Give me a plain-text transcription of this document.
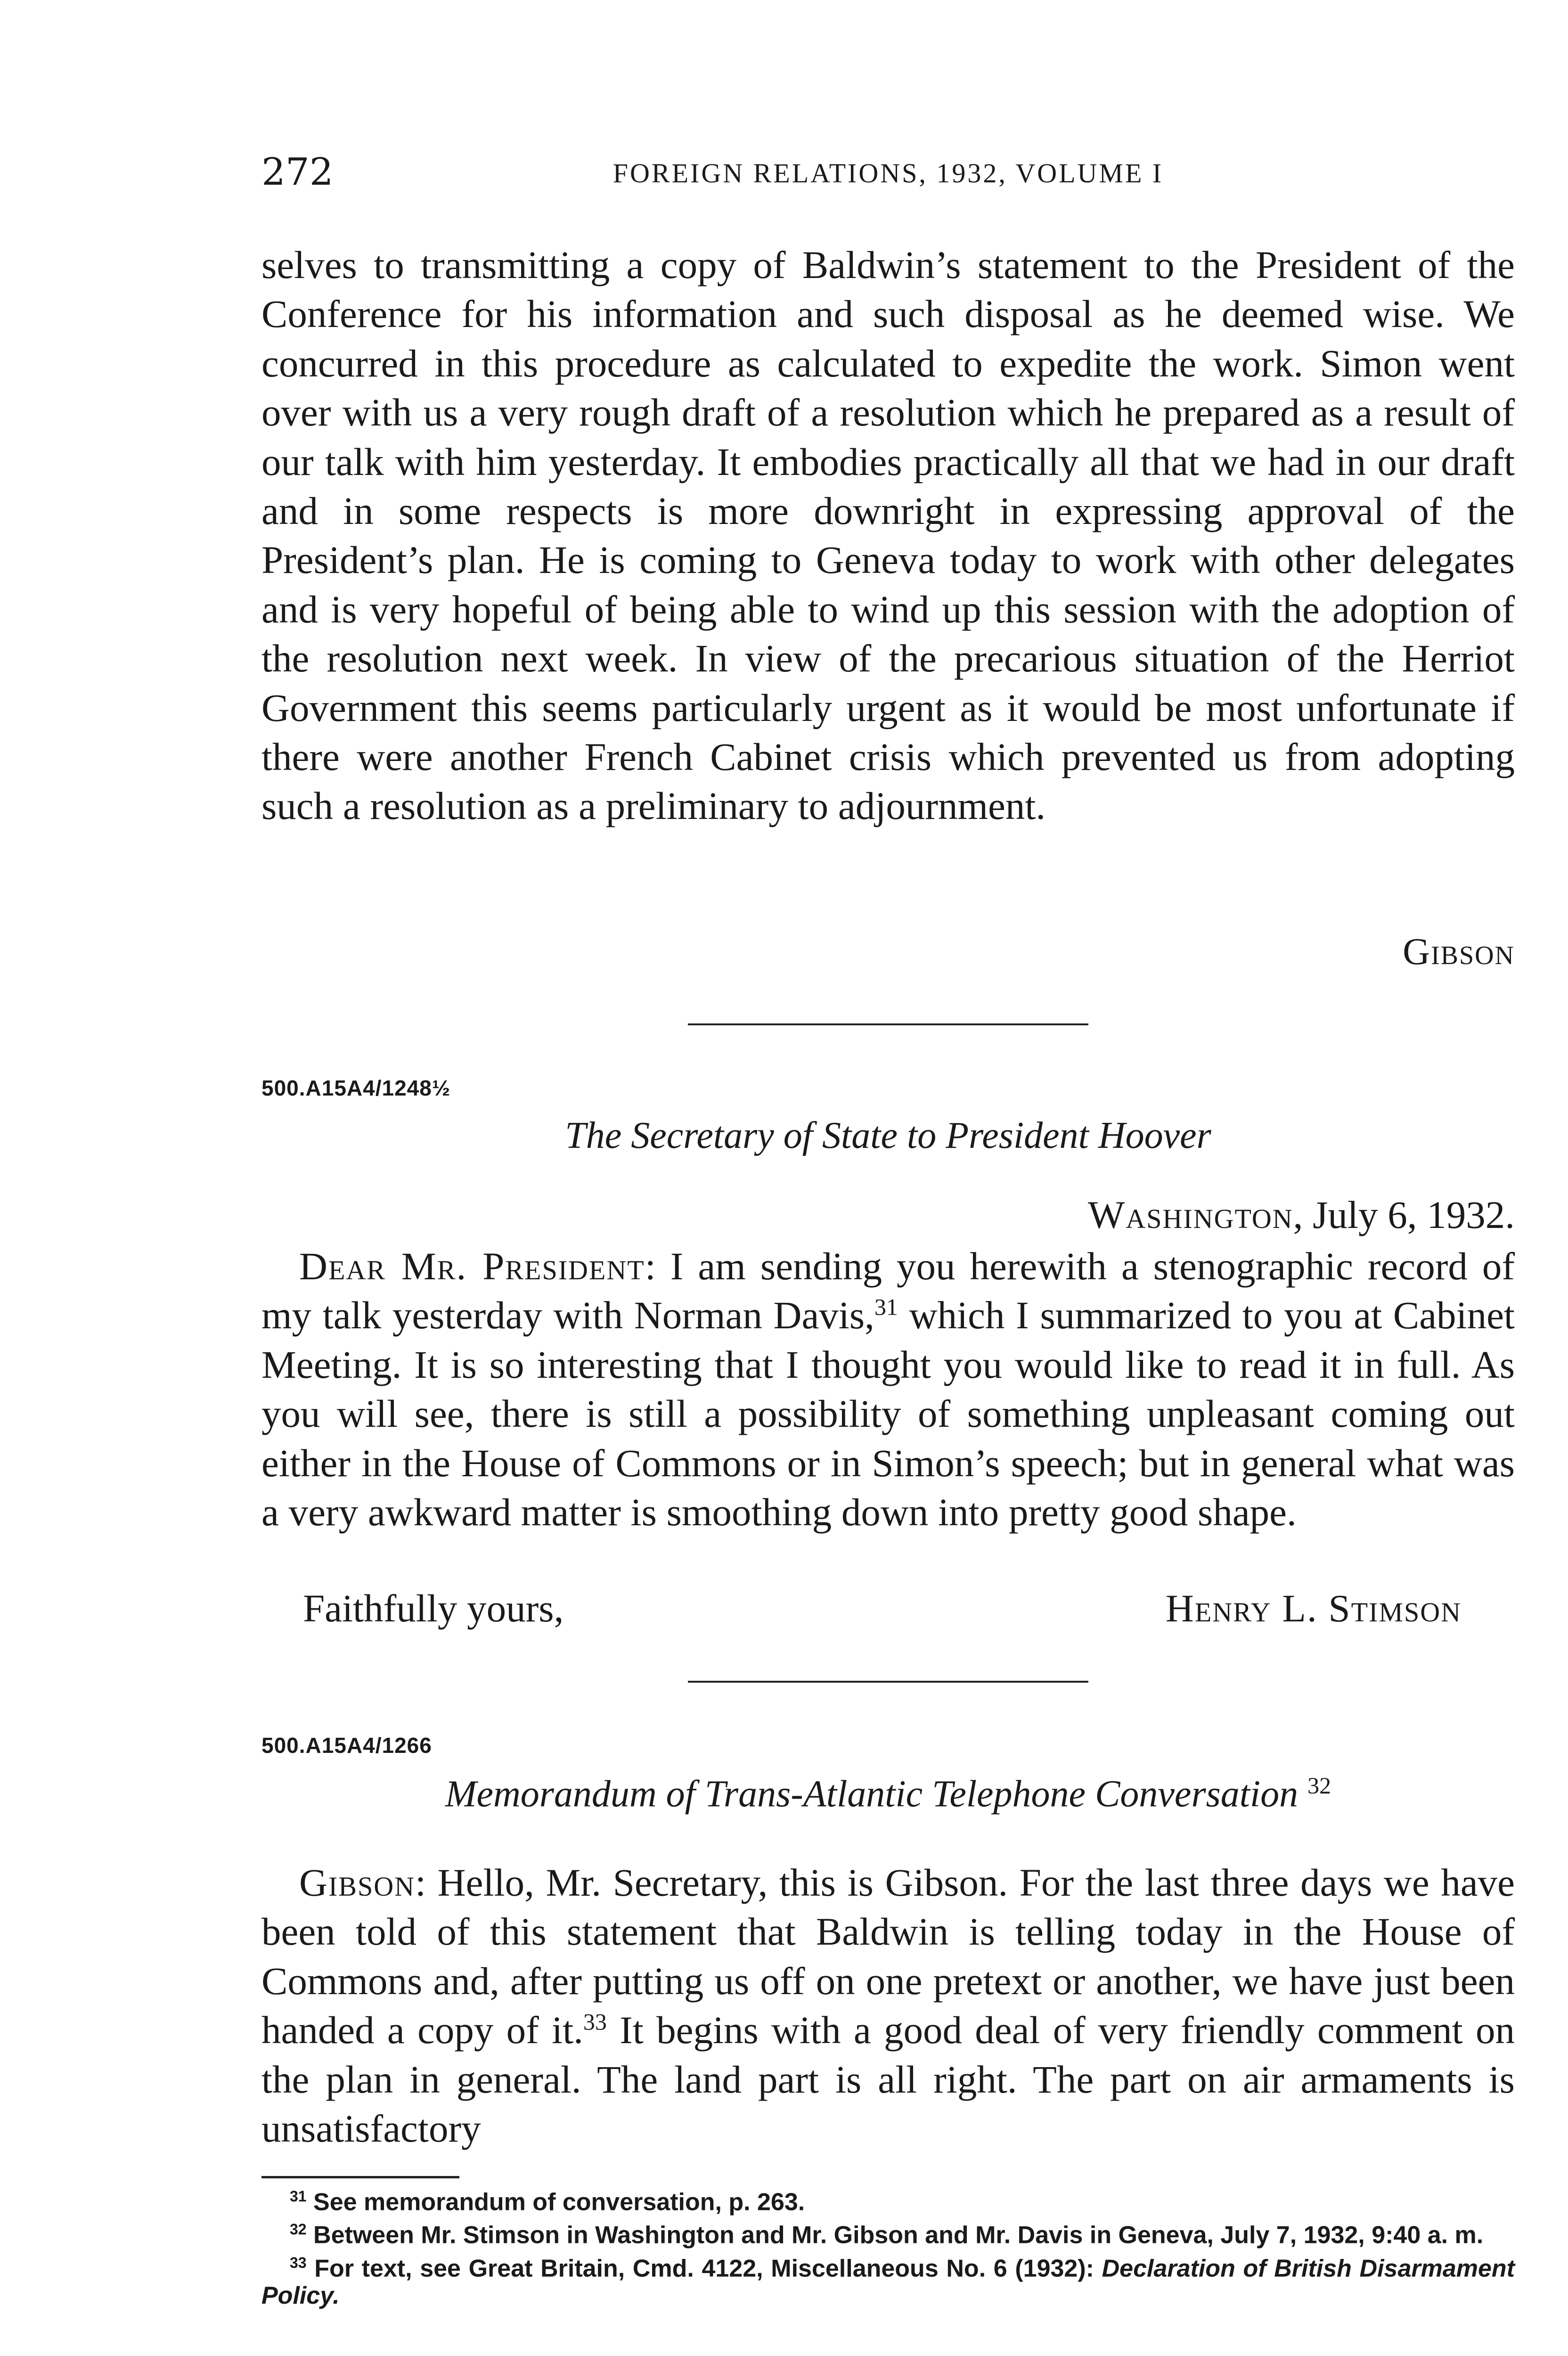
272	FOREIGN RELATIONS, 1932, VOLUME I

selves to transmitting a copy of Baldwin’s statement to the President of the Conference for his information and such disposal as he deemed wise. We concurred in this procedure as calculated to expedite the work. Simon went over with us a very rough draft of a resolution which he prepared as a result of our talk with him yesterday. It embodies practically all that we had in our draft and in some respects is more downright in expressing approval of the President’s plan. He is coming to Geneva today to work with other delegates and is very hopeful of being able to wind up this session with the adoption of the resolution next week. In view of the precarious situation of the Herriot Government this seems particularly urgent as it would be most unfortunate if there were another French Cabinet crisis which prevented us from adopting such a resolution as a preliminary to adjournment.

Gibson
500.A15A4/1248½
The Secretary of State to President Hoover
Washington, July 6, 1932.

Dear Mr. President: I am sending you herewith a stenographic record of my talk yesterday with Norman Davis,$^{31}$ which I summarized to you at Cabinet Meeting. It is so interesting that I thought you would like to read it in full. As you will see, there is still a possibility of something unpleasant coming out either in the House of Commons or in Simon’s speech; but in general what was a very awkward matter is smoothing down into pretty good shape.

Faithfully yours,	Henry L. Stimson
500.A15A4/1266
Memorandum of Trans-Atlantic Telephone Conversation $^{32}$

Gibson: Hello, Mr. Secretary, this is Gibson. For the last three days we have been told of this statement that Baldwin is telling today in the House of Commons and, after putting us off on one pretext or another, we have just been handed a copy of it.$^{33}$ It begins with a good deal of very friendly comment on the plan in general. The land part is all right. The part on air armaments is unsatisfactory

$^{31}$ See memorandum of conversation, p. 263.

$^{32}$ Between Mr. Stimson in Washington and Mr. Gibson and Mr. Davis in Geneva, July 7, 1932, 9:40 a. m.

$^{33}$ For text, see Great Britain, Cmd. 4122, Miscellaneous No. 6 (1932): Declaration of British Disarmament Policy.
